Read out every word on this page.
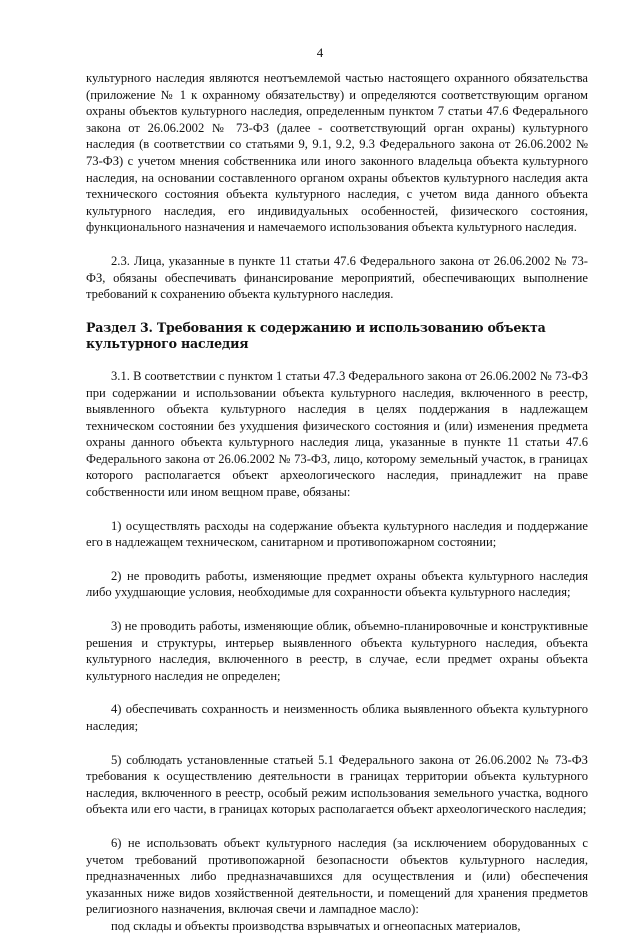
4

культурного наследия являются неотъемлемой частью настоящего охранного обязательства (приложение № 1 к охранному обязательству) и определяются соответствующим органом охраны объектов культурного наследия, определенным пунктом 7 статьи 47.6 Федерального закона от 26.06.2002 № 73-ФЗ (далее - соответствующий орган охраны) культурного наследия (в соответствии со статьями 9, 9.1, 9.2, 9.3 Федерального закона от 26.06.2002 № 73-ФЗ) с учетом мнения собственника или иного законного владельца объекта культурного наследия, на основании составленного органом охраны объектов культурного наследия акта технического состояния объекта культурного наследия, с учетом вида данного объекта культурного наследия, его индивидуальных особенностей, физического состояния, функционального назначения и намечаемого использования объекта культурного наследия.

2.3. Лица, указанные в пункте 11 статьи 47.6 Федерального закона от 26.06.2002 № 73-ФЗ, обязаны обеспечивать финансирование мероприятий, обеспечивающих выполнение требований к сохранению объекта культурного наследия.

Раздел 3. Требования к содержанию и использованию объекта культурного наследия

3.1. В соответствии с пунктом 1 статьи 47.3 Федерального закона от 26.06.2002 № 73-ФЗ при содержании и использовании объекта культурного наследия, включенного в реестр, выявленного объекта культурного наследия в целях поддержания в надлежащем техническом состоянии без ухудшения физического состояния и (или) изменения предмета охраны данного объекта культурного наследия лица, указанные в пункте 11 статьи 47.6 Федерального закона от 26.06.2002 № 73-ФЗ, лицо, которому земельный участок, в границах которого располагается объект археологического наследия, принадлежит на праве собственности или ином вещном праве, обязаны:

1) осуществлять расходы на содержание объекта культурного наследия и поддержание его в надлежащем техническом, санитарном и противопожарном состоянии;

2) не проводить работы, изменяющие предмет охраны объекта культурного наследия либо ухудшающие условия, необходимые для сохранности объекта культурного наследия;

3) не проводить работы, изменяющие облик, объемно-планировочные и конструктивные решения и структуры, интерьер выявленного объекта культурного наследия, объекта культурного наследия, включенного в реестр, в случае, если предмет охраны объекта культурного наследия не определен;

4) обеспечивать сохранность и неизменность облика выявленного объекта культурного наследия;

5) соблюдать установленные статьей 5.1 Федерального закона от 26.06.2002 № 73-ФЗ требования к осуществлению деятельности в границах территории объекта культурного наследия, включенного в реестр, особый режим использования земельного участка, водного объекта или его части, в границах которых располагается объект археологического наследия;

6) не использовать объект культурного наследия (за исключением оборудованных с учетом требований противопожарной безопасности объектов культурного наследия, предназначенных либо предназначавшихся для осуществления и (или) обеспечения указанных ниже видов хозяйственной деятельности, и помещений для хранения предметов религиозного назначения, включая свечи и лампадное масло):

под склады и объекты производства взрывчатых и огнеопасных материалов,
